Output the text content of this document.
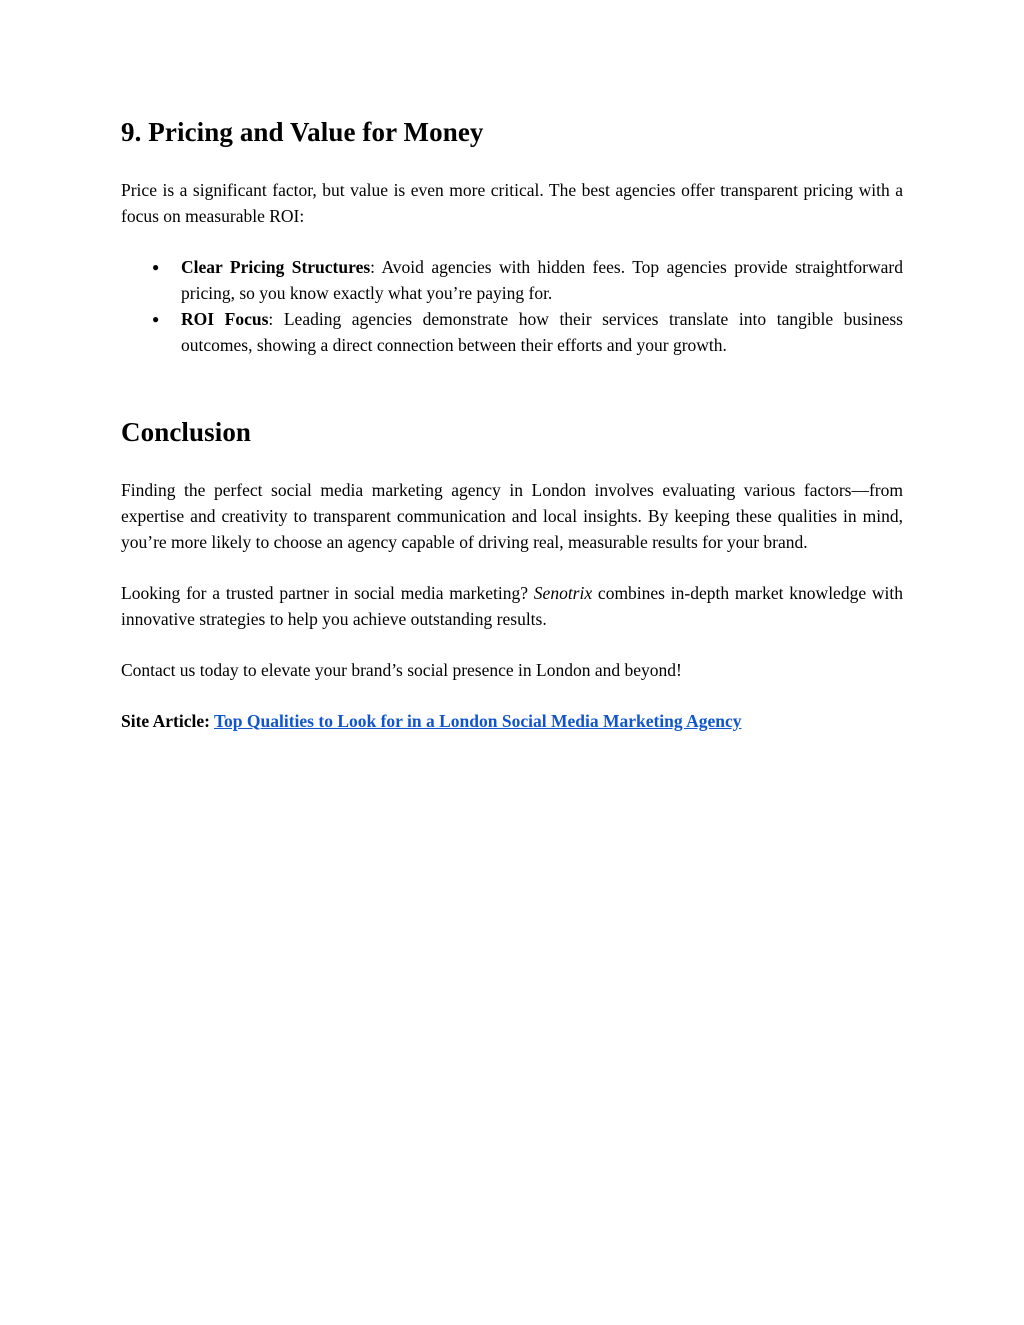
9. Pricing and Value for Money

Price is a significant factor, but value is even more critical. The best agencies offer transparent pricing with a focus on measurable ROI:

●	Clear Pricing Structures: Avoid agencies with hidden fees. Top agencies provide straightforward pricing, so you know exactly what you’re paying for.
●	ROI Focus: Leading agencies demonstrate how their services translate into tangible business outcomes, showing a direct connection between their efforts and your growth.
Conclusion

Finding the perfect social media marketing agency in London involves evaluating various factors—from expertise and creativity to transparent communication and local insights. By keeping these qualities in mind, you’re more likely to choose an agency capable of driving real, measurable results for your brand.

Looking for a trusted partner in social media marketing? Senotrix combines in-depth market knowledge with innovative strategies to help you achieve outstanding results.

Contact us today to elevate your brand’s social presence in London and beyond!

Site Article: Top Qualities to Look for in a London Social Media Marketing Agency
